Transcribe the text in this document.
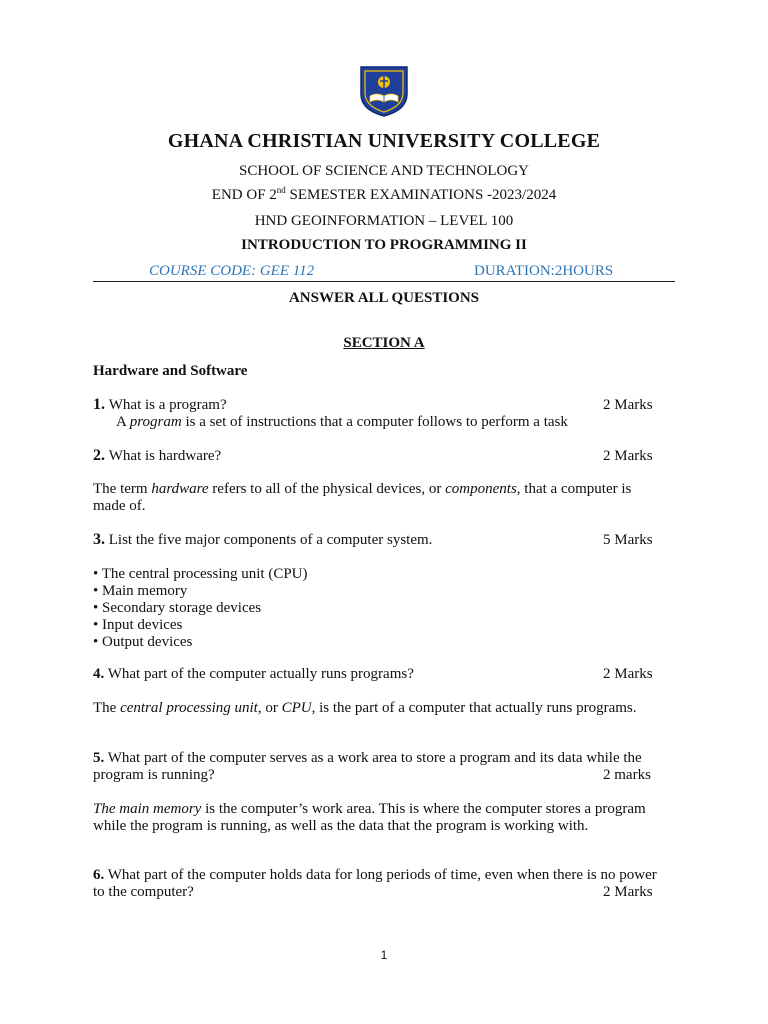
GHANA CHRISTIAN UNIVERSITY COLLEGE
SCHOOL OF SCIENCE AND TECHNOLOGY
END OF 2nd SEMESTER EXAMINATIONS -2023/2024
HND GEOINFORMATION – LEVEL 100
INTRODUCTION TO PROGRAMMING II
COURSE CODE: GEE 112	DURATION:2HOURS
ANSWER ALL QUESTIONS
SECTION A
Hardware and Software
1. What is a program?	2 Marks
A program is a set of instructions that a computer follows to perform a task
2. What is hardware?	2 Marks
The term hardware refers to all of the physical devices, or components, that a computer is
made of.
3. List the five major components of a computer system.	5 Marks
• The central processing unit (CPU)
• Main memory
• Secondary storage devices
• Input devices
• Output devices
4. What part of the computer actually runs programs?	2 Marks
The central processing unit, or CPU, is the part of a computer that actually runs programs.
5. What part of the computer serves as a work area to store a program and its data while the
program is running?	2 marks
The main memory is the computer’s work area. This is where the computer stores a program
while the program is running, as well as the data that the program is working with.
6. What part of the computer holds data for long periods of time, even when there is no power
to the computer?	2 Marks
1
